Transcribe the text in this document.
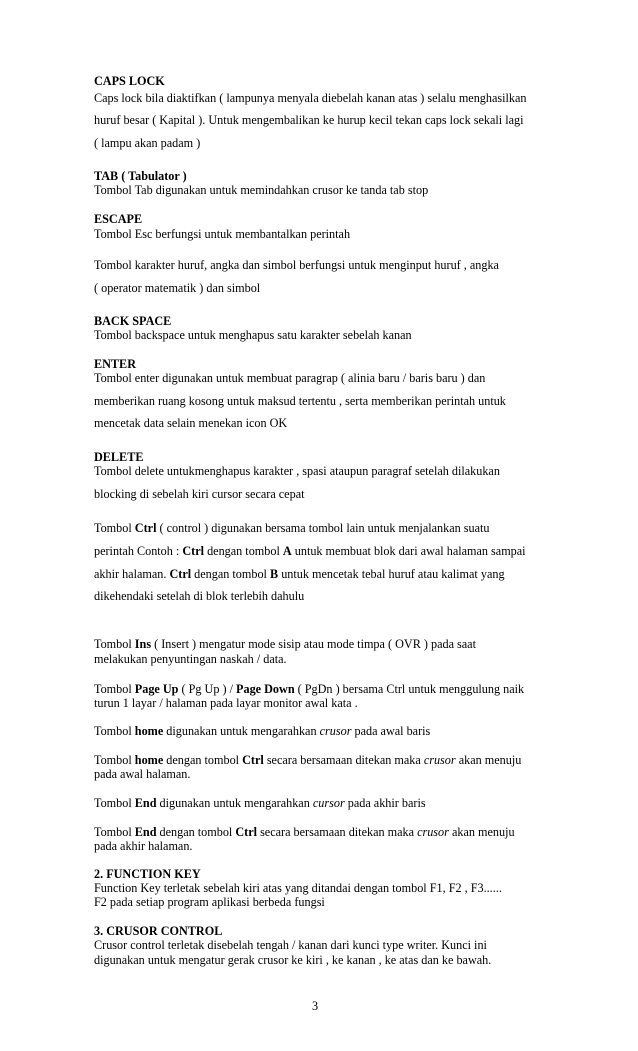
CAPS LOCK
Caps lock bila diaktifkan ( lampunya menyala diebelah kanan atas ) selalu menghasilkan
huruf besar ( Kapital ). Untuk mengembalikan ke hurup kecil tekan caps lock sekali lagi
( lampu akan padam )
TAB ( Tabulator )
Tombol Tab digunakan untuk memindahkan crusor ke tanda tab stop
ESCAPE
Tombol Esc berfungsi untuk membantalkan perintah
Tombol karakter huruf, angka dan simbol berfungsi untuk menginput huruf , angka
( operator matematik ) dan simbol
BACK SPACE
Tombol backspace untuk menghapus satu karakter sebelah kanan
ENTER
Tombol enter digunakan untuk membuat paragrap ( alinia baru / baris baru ) dan
memberikan ruang kosong untuk maksud tertentu , serta memberikan perintah untuk
mencetak data selain menekan icon OK
DELETE
Tombol delete untukmenghapus karakter , spasi ataupun paragraf setelah dilakukan
blocking di sebelah kiri cursor secara cepat
Tombol Ctrl ( control ) digunakan bersama tombol lain untuk menjalankan suatu
perintah Contoh : Ctrl dengan tombol A untuk membuat blok dari awal halaman sampai
akhir halaman. Ctrl dengan tombol B untuk mencetak tebal huruf atau kalimat yang
dikehendaki setelah di blok terlebih dahulu
Tombol Ins ( Insert ) mengatur mode sisip atau mode timpa ( OVR ) pada saat
melakukan penyuntingan naskah / data.
Tombol Page Up ( Pg Up ) / Page Down ( PgDn ) bersama Ctrl untuk menggulung naik
turun 1 layar / halaman pada layar monitor awal kata .
Tombol home digunakan untuk mengarahkan crusor pada awal baris
Tombol home dengan tombol Ctrl secara bersamaan ditekan maka crusor akan menuju
pada awal halaman.
Tombol End digunakan untuk mengarahkan cursor pada akhir baris
Tombol End dengan tombol Ctrl secara bersamaan ditekan maka crusor akan menuju
pada akhir halaman.
2. FUNCTION KEY
Function Key terletak sebelah kiri atas yang ditandai dengan tombol F1, F2 , F3......
F2 pada setiap program aplikasi berbeda fungsi
3. CRUSOR CONTROL
Crusor control terletak disebelah tengah / kanan dari kunci type writer. Kunci ini
digunakan untuk mengatur gerak crusor ke kiri , ke kanan , ke atas dan ke bawah.
3
